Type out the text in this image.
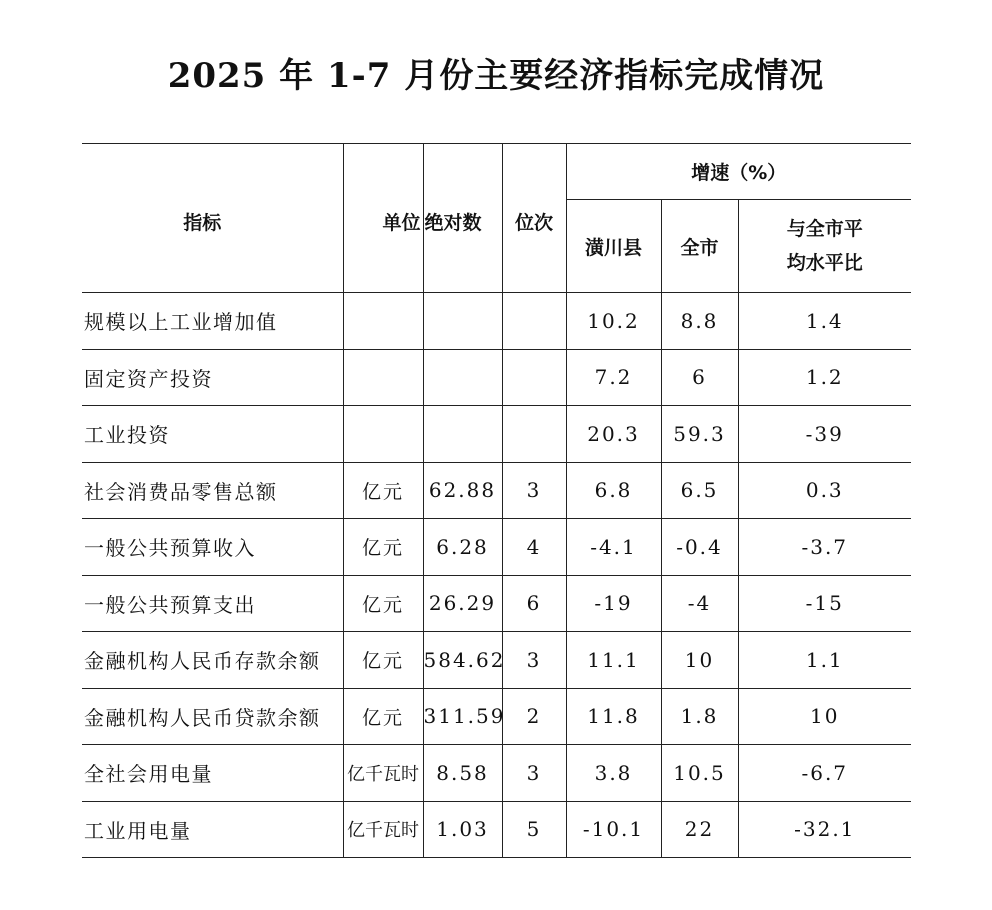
2025 年 1-7 月份主要经济指标完成情况
指标	单位	绝对数	位次	增速（%）		
				潢川县	全市	与全市平
均水平比

规模以上工业增加值				10.2	8.8	1.4
固定资产投资				7.2	6	1.2
工业投资				20.3	59.3	-39
社会消费品零售总额	亿元	62.88	3	6.8	6.5	0.3
一般公共预算收入	亿元	6.28	4	-4.1	-0.4	-3.7
一般公共预算支出	亿元	26.29	6	-19	-4	-15
金融机构人民币存款余额	亿元	584.62	3	11.1	10	1.1
金融机构人民币贷款余额	亿元	311.59	2	11.8	1.8	10
全社会用电量	亿千瓦时	8.58	3	3.8	10.5	-6.7
工业用电量	亿千瓦时	1.03	5	-10.1	22	-32.1
